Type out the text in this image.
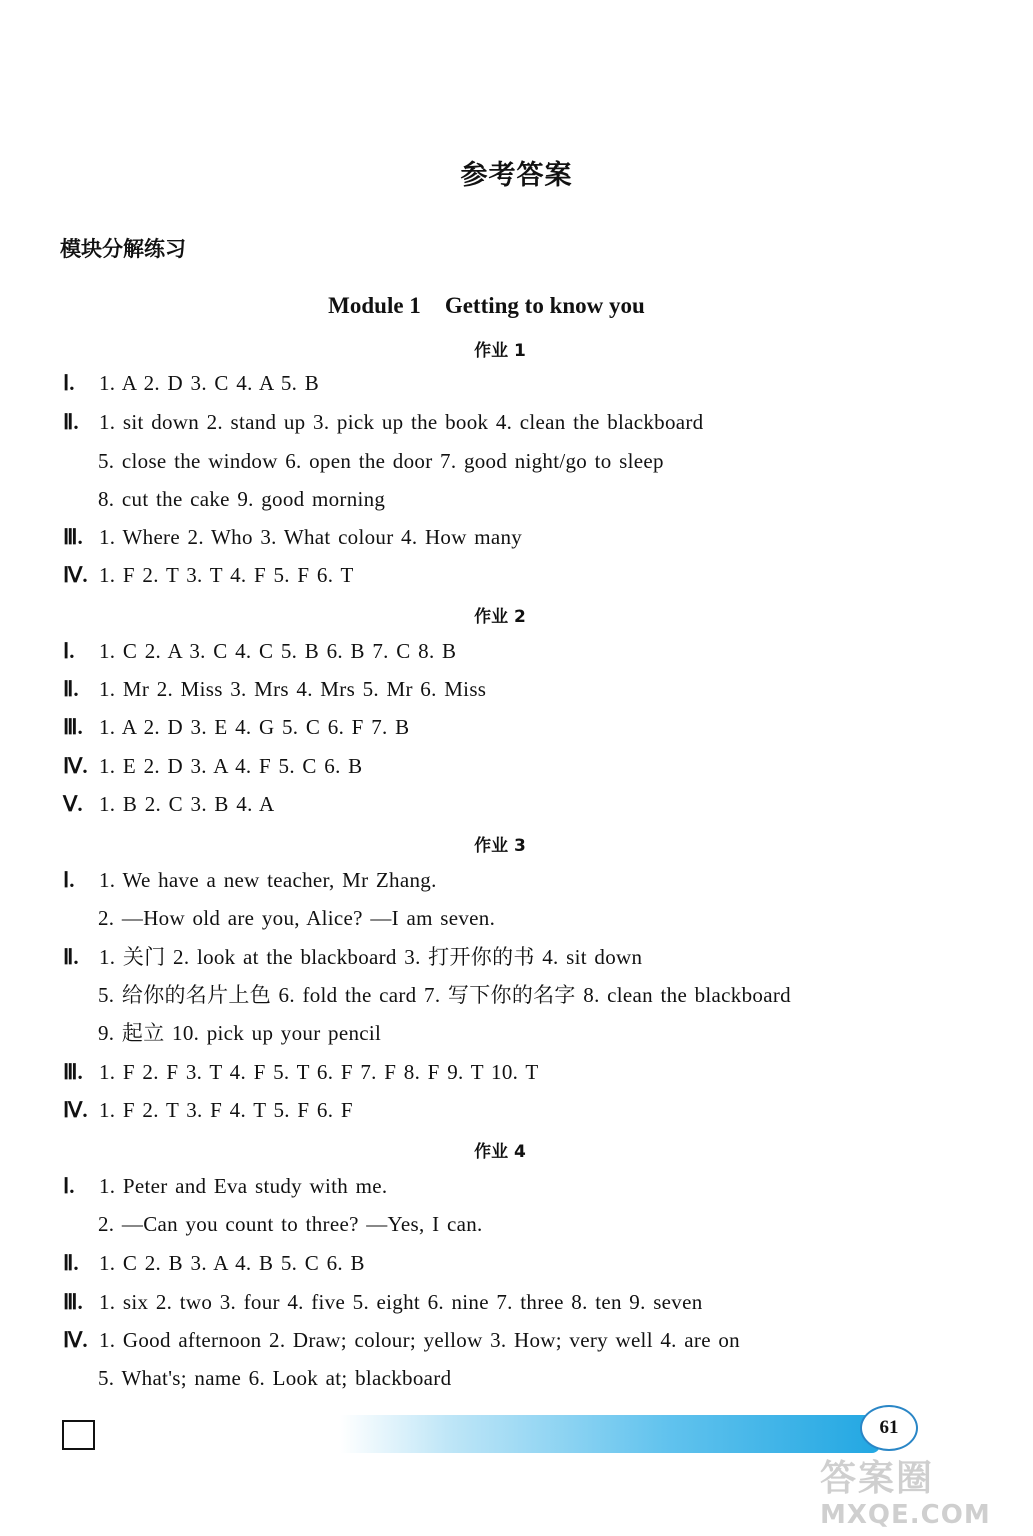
参考答案
模块分解练习
Module 1 Getting to know you
作业 1
Ⅰ. 1. A 2. D 3. C 4. A 5. B
Ⅱ. 1. sit down 2. stand up 3. pick up the book 4. clean the blackboard
5. close the window 6. open the door 7. good night/go to sleep
8. cut the cake 9. good morning
Ⅲ. 1. Where 2. Who 3. What colour 4. How many
Ⅳ. 1. F 2. T 3. T 4. F 5. F 6. T
作业 2
Ⅰ. 1. C 2. A 3. C 4. C 5. B 6. B 7. C 8. B
Ⅱ. 1. Mr 2. Miss 3. Mrs 4. Mrs 5. Mr 6. Miss
Ⅲ. 1. A 2. D 3. E 4. G 5. C 6. F 7. B
Ⅳ. 1. E 2. D 3. A 4. F 5. C 6. B
Ⅴ. 1. B 2. C 3. B 4. A
作业 3
Ⅰ. 1. We have a new teacher, Mr Zhang.
2. —How old are you, Alice? —I am seven.
Ⅱ. 1. 关门 2. look at the blackboard 3. 打开你的书 4. sit down
5. 给你的名片上色 6. fold the card 7. 写下你的名字 8. clean the blackboard
9. 起立 10. pick up your pencil
Ⅲ. 1. F 2. F 3. T 4. F 5. T 6. F 7. F 8. F 9. T 10. T
Ⅳ. 1. F 2. T 3. F 4. T 5. F 6. F
作业 4
Ⅰ. 1. Peter and Eva study with me.
2. —Can you count to three? —Yes, I can.
Ⅱ. 1. C 2. B 3. A 4. B 5. C 6. B
Ⅲ. 1. six 2. two 3. four 4. five 5. eight 6. nine 7. three 8. ten 9. seven
Ⅳ. 1. Good afternoon 2. Draw; colour; yellow 3. How; very well 4. are on
5. What's; name 6. Look at; blackboard
61
答案圈
MXQE.COM
